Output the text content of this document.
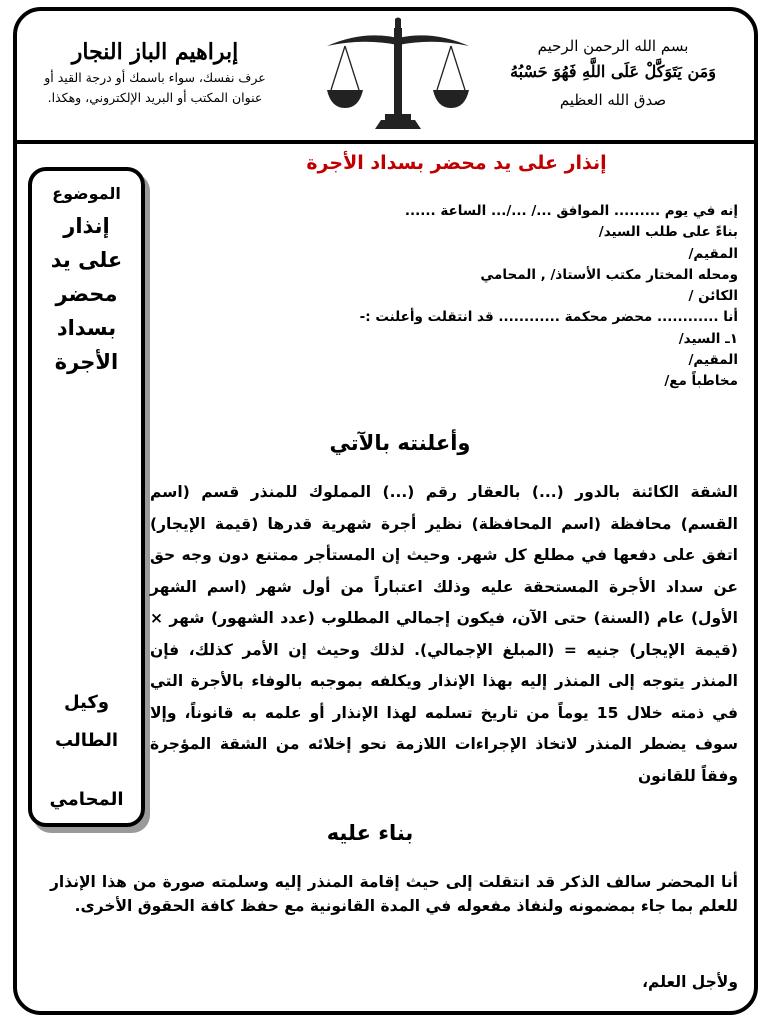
بسم الله الرحمن الرحيم
وَمَن يَتَوَكَّلْ عَلَى اللَّهِ فَهُوَ حَسْبُهُ
صدق الله العظيم
إبراهيم الباز النجار
عرف نفسك، سواء باسمك أو درجة القيد أو
عنوان المكتب أو البريد الإلكتروني، وهكذا.
إنذار على يد محضر بسداد الأجرة
الموضوع
إنذار على يد محضر بسداد الأجرة
وكيل
الطالب
المحامي
إنه في يوم ......... الموافق .../ .../... الساعة ......
بناءً على طلب السيد/
المقيم/
ومحله المختار مكتب الأستاذ/ , المحامي
الكائن /
أنا ............ محضر محكمة ............ قد انتقلت وأعلنت :-
١ـ السيد/
المقيم/
مخاطباً مع/
وأعلنته بالآتي
الشقة الكائنة بالدور (...) بالعقار رقم (...) المملوك للمنذر قسم (اسم القسم) محافظة (اسم المحافظة) نظير أجرة شهرية قدرها (قيمة الإيجار) اتفق على دفعها في مطلع كل شهر. وحيث إن المستأجر ممتنع دون وجه حق عن سداد الأجرة المستحقة عليه وذلك اعتباراً من أول شهر (اسم الشهر الأول) عام (السنة) حتى الآن، فيكون إجمالي المطلوب (عدد الشهور) شهر × (قيمة الإيجار) جنيه = (المبلغ الإجمالي). لذلك وحيث إن الأمر كذلك، فإن المنذر يتوجه إلى المنذر إليه بهذا الإنذار ويكلفه بموجبه بالوفاء بالأجرة التي في ذمته خلال 15 يوماً من تاريخ تسلمه لهذا الإنذار أو علمه به قانوناً، وإلا سوف يضطر المنذر لاتخاذ الإجراءات اللازمة نحو إخلائه من الشقة المؤجرة وفقاً للقانون
بناء عليه
أنا المحضر سالف الذكر قد انتقلت إلى حيث إقامة المنذر إليه وسلمته صورة من هذا الإنذار للعلم بما جاء بمضمونه ولنفاذ مفعوله في المدة القانونية مع حفظ كافة الحقوق الأخرى.
ولأجل العلم،
